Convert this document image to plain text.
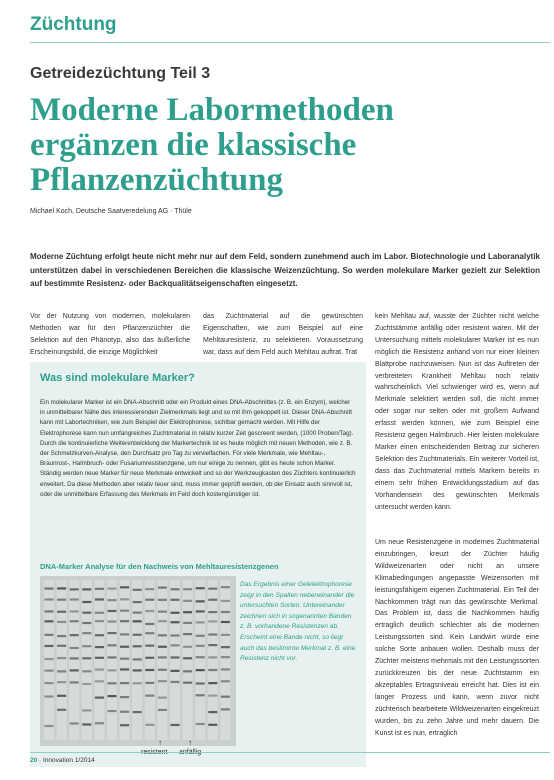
Züchtung
Getreidezüchtung Teil 3
Moderne Labormethoden
ergänzen die klassische
Pflanzenzüchtung
Michael Koch, Deutsche Saatveredelung AG · Thüle
Moderne Züchtung erfolgt heute nicht mehr nur auf dem Feld, sondern zunehmend auch im Labor. Biotechnologie und Laboranalytik unterstützen dabei in verschiedenen Bereichen die klassische Weizenzüchtung. So werden molekulare Marker gezielt zur Selektion auf bestimmte Resistenz- oder Backqualitätseigenschaften eingesetzt.
Vor der Nutzung von modernen, molekularen Methoden war für den Pflanzenzüchter die Selektion auf den Phänotyp, also das äußerliche Erscheinungsbild, die einzige Möglichkeit
das Zuchtmaterial auf die gewünschten Eigenschaften, wie zum Beispiel auf eine Mehltauresistenz, zu selektieren. Voraussetzung war, dass auf dem Feld auch Mehltau auftrat. Trat
kein Mehltau auf, wusste der Züchter nicht welche Zuchtstämme anfällig oder resistent waren. Mit der Untersuchung mittels molekularer Marker ist es nun möglich die Resistenz anhand von nur einer kleinen Blattprobe nachzuweisen. Nun ist das Auftreten der verbreiteten Krankheit Mehltau noch relativ wahrscheinlich. Viel schwieriger wird es, wenn auf Merkmale selektiert werden soll, die nicht immer oder sogar nur selten oder mit großem Aufwand erfasst werden können, wie zum Beispiel eine Resistenz gegen Halmbruch. Hier leisten molekulare Marker einen entscheidenden Beitrag zur sicheren Selektion des Zuchtmaterials. Ein weiterer Vorteil ist, dass das Zuchtmaterial mittels Markern bereits in einem sehr frühen Entwicklungsstadium auf das Vorhandensein des gewünschten Merkmals untersucht werden kann.
Um neue Resistenzgene in modernes Zuchtmaterial einzubringen, kreuzt der Züchter häufig Wildweizenarten oder nicht an unsere Klimabedingungen angepasste Weizensorten mit leistungsfähigem eigenen Zuchtmaterial. Ein Teil der Nachkommen trägt nun das gewünschte Merkmal. Das Problem ist, dass die Nachkommen häufig ertraglich deutlich schlechter als die modernen Leistungssorten sind. Kein Landwirt würde eine solche Sorte anbauen wollen. Deshalb muss der Züchter meistens mehrmals mit den Leistungssorten zurückkreuzen bis der neue Zuchtstamm ein akzeptables Ertragsniveau erreicht hat. Dies ist ein langer Prozess und kann, wenn zuvor nicht züchterisch bearbeitete Wildweizenarten eingekreuzt wurden, bis zu zehn Jahre und mehr dauern. Die Kunst ist es nun, ertraglich
Was sind molekulare Marker?
Ein molekularer Marker ist ein DNA-Abschnitt oder ein Produkt eines DNA-Abschnittes (z. B. ein Enzym), welcher in unmittelbarer Nähe des interessierenden Zielmerkmals liegt und so mit ihm gekoppelt ist. Dieser DNA-Abschnitt kann mit Labortechniken, wie zum Beispiel der Elektrophorese, sichtbar gemacht werden. Mit Hilfe der Elektrophorese kann nun umfangreiches Zuchtmaterial in relativ kurzer Zeit gescreent werden, (1000 Proben/Tag). Durch die kontinuierliche Weiterentwicklung der Markertechnik ist es heute möglich mit neuen Methoden, wie z. B. der Schmelzkurven-Analyse, den Durchsatz pro Tag zu vervielfachen. Für viele Merkmale, wie Mehltau-, Braunrost-, Halmbruch- oder Fusariumresistenzgene, um nur einige zu nennen, gibt es heute schon Marker. Ständig werden neue Marker für neue Merkmale entwickelt und so der Werkzeugkasten des Züchters kontinuierlich erweitert. Da diese Methoden aber relativ teuer sind, muss immer geprüft werden, ob der Einsatz auch sinnvoll ist, oder die unmittelbare Erfassung des Merkmals im Feld doch kostengünstiger ist.
DNA-Marker Analyse für den Nachweis von Mehltauresistenzgenen
Das Ergebnis einer Gelelektrophorese zeigt in den Spalten nebeneinander die untersuchten Sorten. Untereinander zeichnen sich in sogenannten Banden z. B. vorhandene Resistenzen ab. Erscheint eine Bande nicht, so liegt auch das bestimmte Merkmal z. B. eine Resistenz nicht vor.
↑	↑
20 · Innovation 1/2014
